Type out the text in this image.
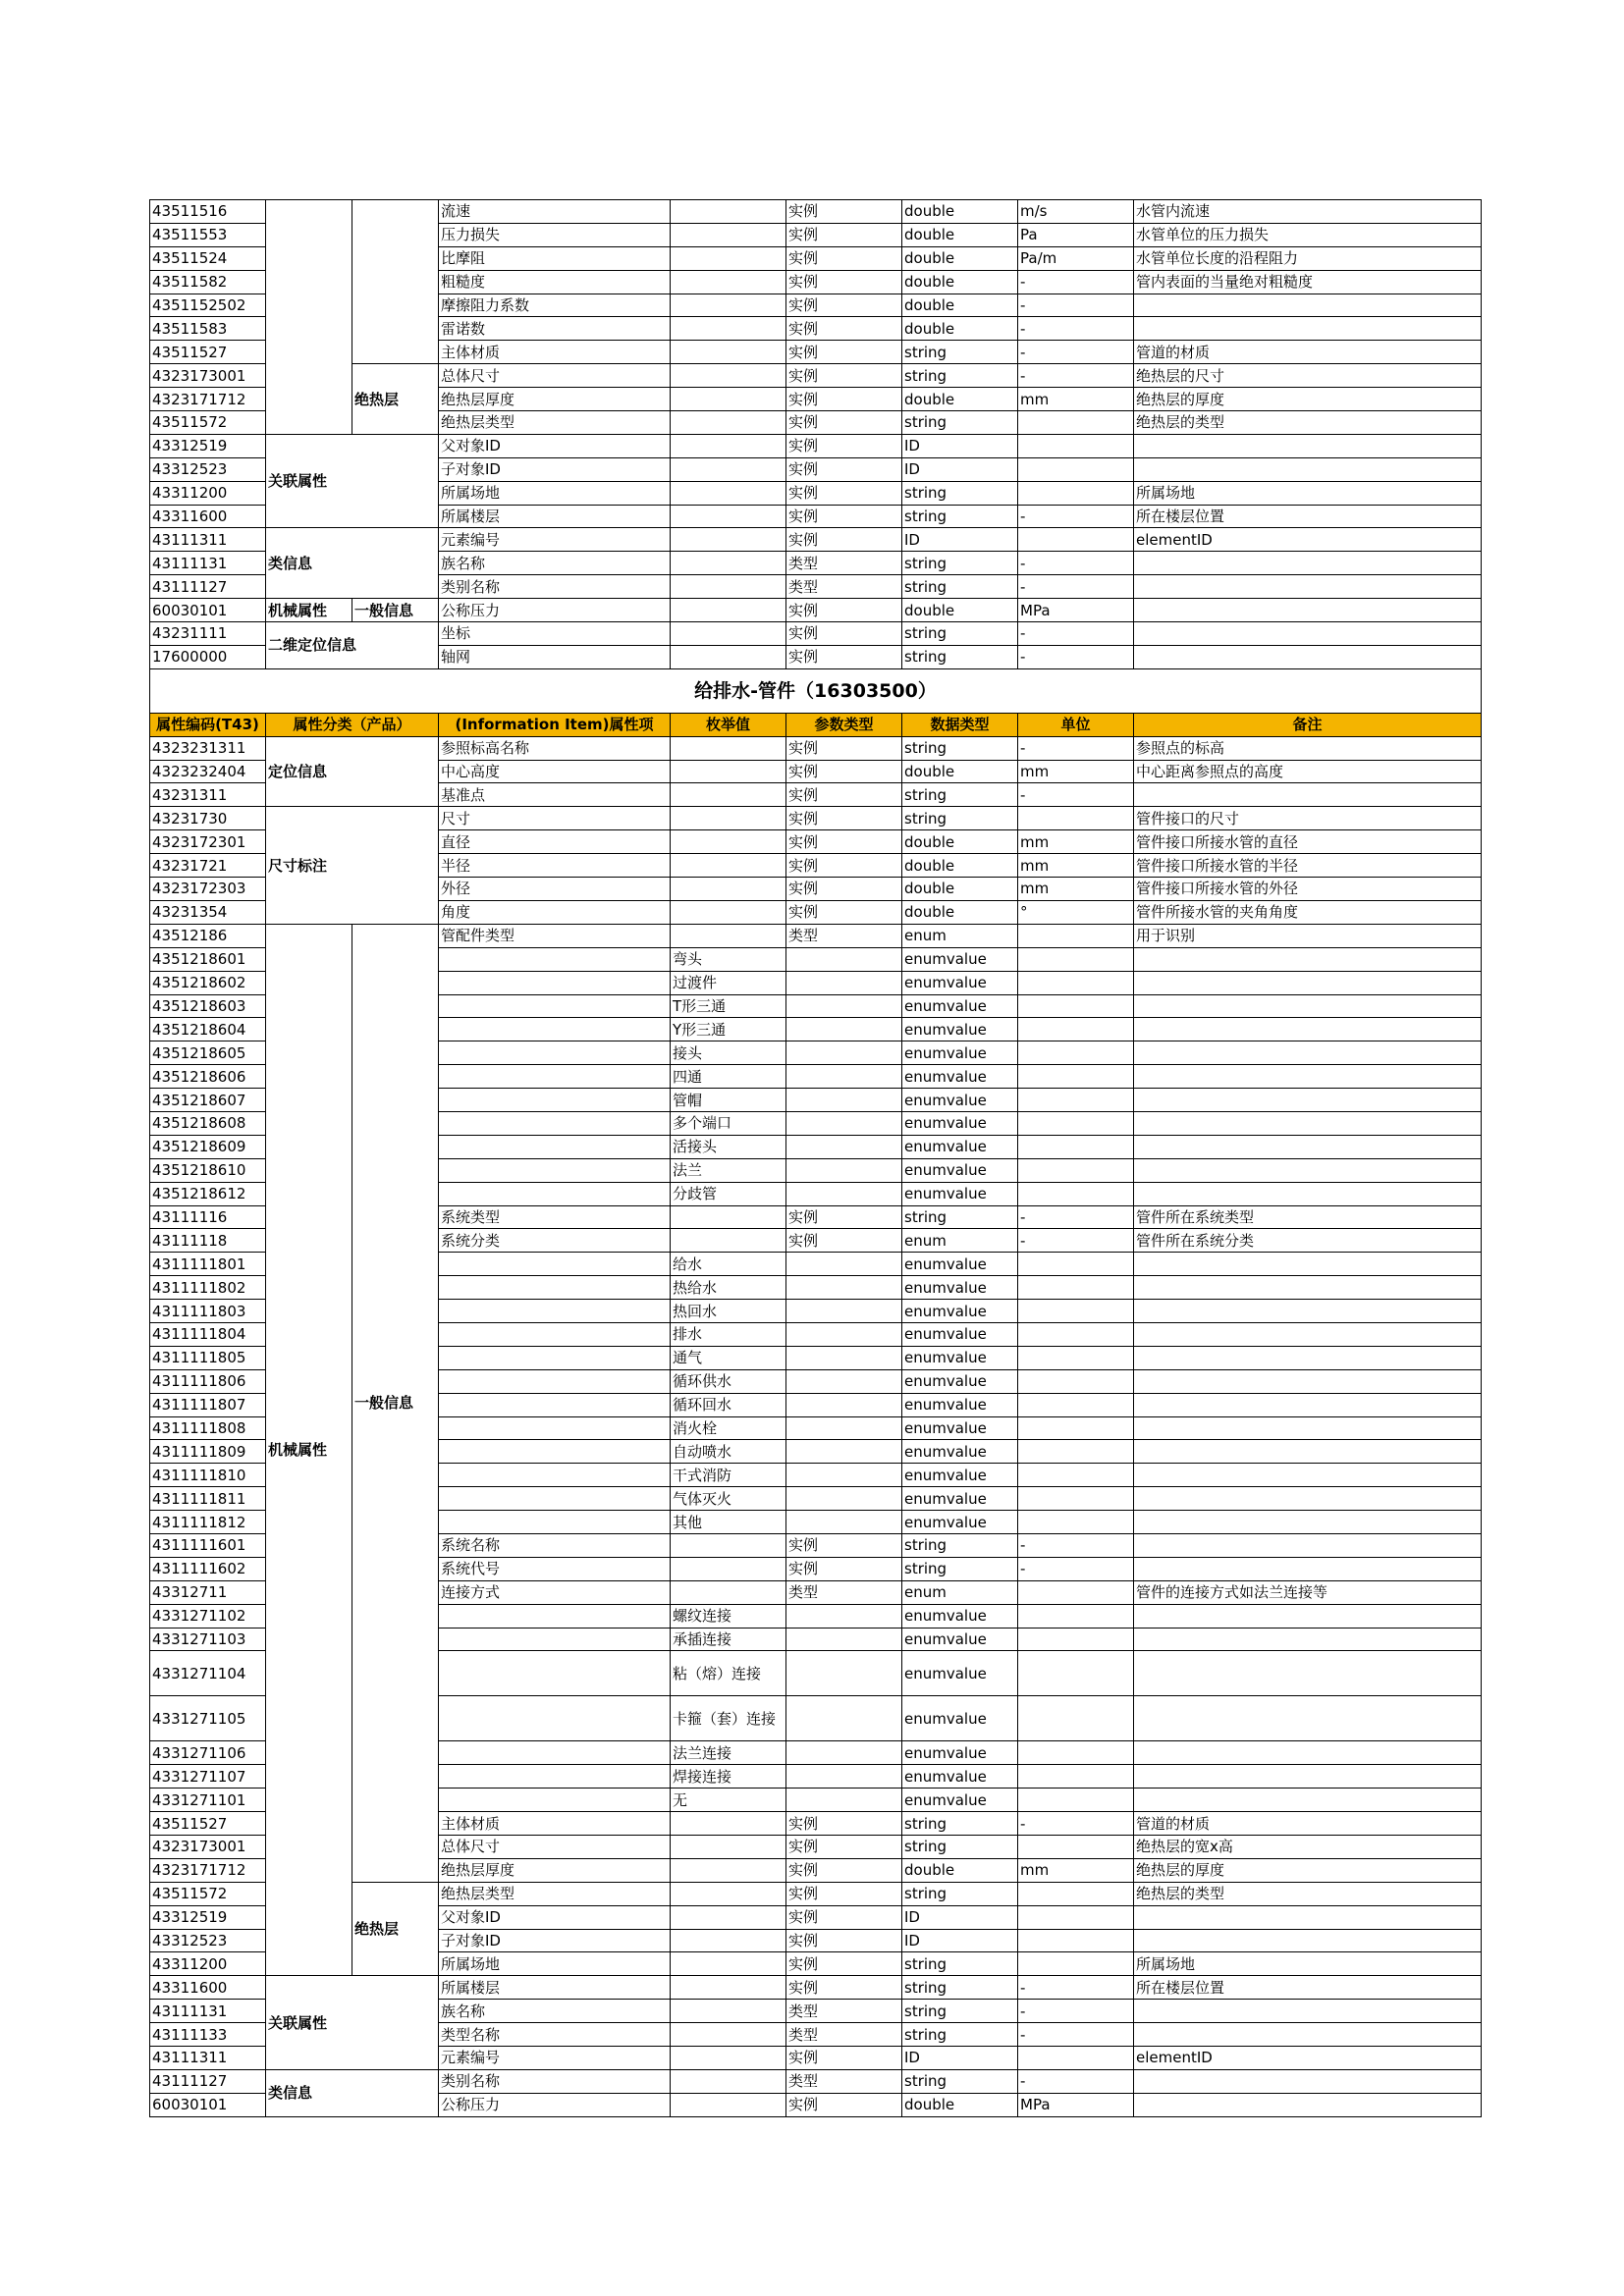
43511516			流速		实例	double	m/s	水管内流速
43511553			压力损失		实例	double	Pa	水管单位的压力损失
43511524			比摩阻		实例	double	Pa/m	水管单位长度的沿程阻力
43511582			粗糙度		实例	double	-	管内表面的当量绝对粗糙度
4351152502			摩擦阻力系数		实例	double	-	
43511583			雷诺数		实例	double	-	
43511527			主体材质		实例	string	-	管道的材质
4323173001		绝热层	总体尺寸		实例	string	-	绝热层的尺寸
4323171712			绝热层厚度		实例	double	mm	绝热层的厚度
43511572			绝热层类型		实例	string		绝热层的类型
43312519	关联属性		父对象ID		实例	ID		
43312523			子对象ID		实例	ID		
43311200			所属场地		实例	string		所属场地
43311600			所属楼层		实例	string	-	所在楼层位置
43111311	类信息		元素编号		实例	ID		elementID
43111131			族名称		类型	string	-	
43111127			类别名称		类型	string	-	
60030101	机械属性	一般信息	公称压力		实例	double	MPa	
43231111	二维定位信息		坐标		实例	string	-	
17600000			轴网		实例	string	-	
给排水-管件（16303500）								
属性编码(T43)	属性分类（产品）		(Information Item)属性项	枚举值	参数类型	数据类型	单位	备注
4323231311	定位信息		参照标高名称		实例	string	-	参照点的标高
4323232404			中心高度		实例	double	mm	中心距离参照点的高度
43231311			基准点		实例	string	-	
43231730	尺寸标注		尺寸		实例	string		管件接口的尺寸
4323172301			直径		实例	double	mm	管件接口所接水管的直径
43231721			半径		实例	double	mm	管件接口所接水管的半径
4323172303			外径		实例	double	mm	管件接口所接水管的外径
43231354			角度		实例	double	°	管件所接水管的夹角角度
43512186	机械属性	一般信息	管配件类型		类型	enum		用于识别
4351218601				弯头		enumvalue		
4351218602				过渡件		enumvalue		
4351218603				T形三通		enumvalue		
4351218604				Y形三通		enumvalue		
4351218605				接头		enumvalue		
4351218606				四通		enumvalue		
4351218607				管帽		enumvalue		
4351218608				多个端口		enumvalue		
4351218609				活接头		enumvalue		
4351218610				法兰		enumvalue		
4351218612				分歧管		enumvalue		
43111116			系统类型		实例	string	-	管件所在系统类型
43111118			系统分类		实例	enum	-	管件所在系统分类
4311111801				给水		enumvalue		
4311111802				热给水		enumvalue		
4311111803				热回水		enumvalue		
4311111804				排水		enumvalue		
4311111805				通气		enumvalue		
4311111806				循环供水		enumvalue		
4311111807				循环回水		enumvalue		
4311111808				消火栓		enumvalue		
4311111809				自动喷水		enumvalue		
4311111810				干式消防		enumvalue		
4311111811				气体灭火		enumvalue		
4311111812				其他		enumvalue		
4311111601			系统名称		实例	string	-	
4311111602			系统代号		实例	string	-	
43312711			连接方式		类型	enum		管件的连接方式如法兰连接等
4331271102				螺纹连接		enumvalue		
4331271103				承插连接		enumvalue		
4331271104				粘（熔）连接		enumvalue		
4331271105				卡箍（套）连接		enumvalue		
4331271106				法兰连接		enumvalue		
4331271107				焊接连接		enumvalue		
4331271101				无		enumvalue		
43511527			主体材质		实例	string	-	管道的材质
4323173001			总体尺寸		实例	string		绝热层的宽x高
4323171712			绝热层厚度		实例	double	mm	绝热层的厚度
43511572		绝热层	绝热层类型		实例	string		绝热层的类型
43312519			父对象ID		实例	ID		
43312523			子对象ID		实例	ID		
43311200			所属场地		实例	string		所属场地
43311600	关联属性		所属楼层		实例	string	-	所在楼层位置
43111131			族名称		类型	string	-	
43111133			类型名称		类型	string	-	
43111311			元素编号		实例	ID		elementID
43111127	类信息		类别名称		类型	string	-	
60030101			公称压力		实例	double	MPa	
